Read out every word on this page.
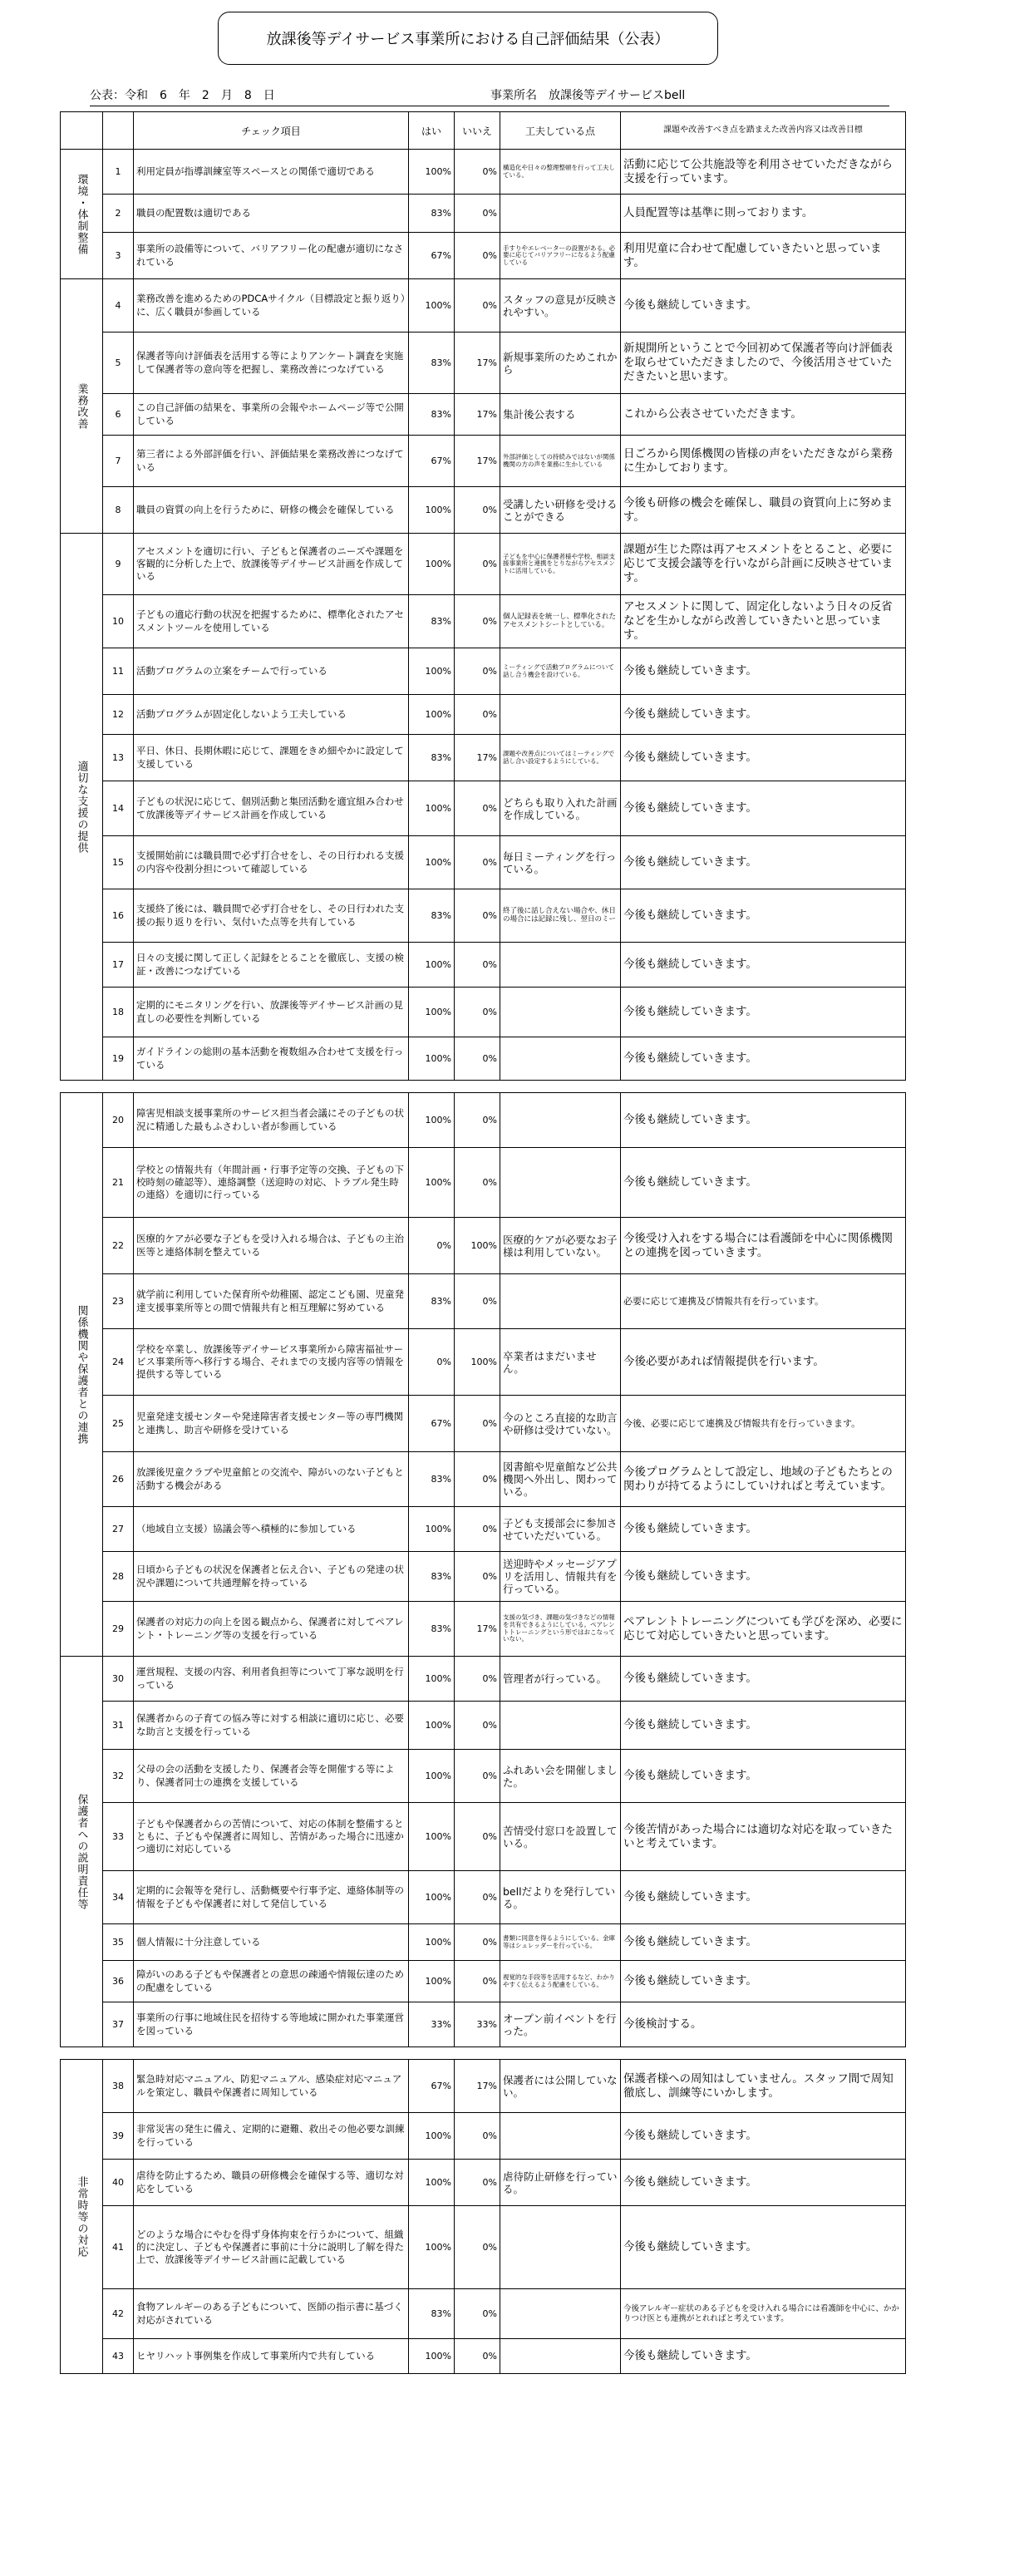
放課後等デイサービス事業所における自己評価結果（公表）
公表：令和　6　年　2　月　8　日	事業所名　放課後等デイサービスbell
		チェック項目	はい	いいえ	工夫している点	課題や改善すべき点を踏まえた改善内容又は改善目標

環境・体制整備	1	利用定員が指導訓練室等スペースとの関係で適切である	100%	0%	構造化や日々の整理整頓を行って工夫している。	活動に応じて公共施設等を利用させていただきながら支援を行っています。
	2	職員の配置数は適切である	83%	0%		人員配置等は基準に則っております。
	3	事業所の設備等について、バリアフリー化の配慮が適切になされている	67%	0%	手すりやエレベーターの設置がある。必要に応じてバリアフリーになるよう配慮している	利用児童に合わせて配慮していきたいと思っています。

業務改善	4	業務改善を進めるためのPDCAサイクル（目標設定と振り返り）に、広く職員が参画している	100%	0%	スタッフの意見が反映されやすい。	今後も継続していきます。
	5	保護者等向け評価表を活用する等によりアンケート調査を実施して保護者等の意向等を把握し、業務改善につなげている	83%	17%	新規事業所のためこれから	新規開所ということで今回初めて保護者等向け評価表を取らせていただきましたので、今後活用させていただきたいと思います。
	6	この自己評価の結果を、事業所の会報やホームページ等で公開している	83%	17%	集計後公表する	これから公表させていただきます。
	7	第三者による外部評価を行い、評価結果を業務改善につなげている	67%	17%	外部評価としての持続みではないが関係機関の方の声を業務に生かしている	日ごろから関係機関の皆様の声をいただきながら業務に生かしております。
	8	職員の資質の向上を行うために、研修の機会を確保している	100%	0%	受講したい研修を受けることができる	今後も研修の機会を確保し、職員の資質向上に努めます。

適切な支援の提供	9	アセスメントを適切に行い、子どもと保護者のニーズや課題を客観的に分析した上で、放課後等デイサービス計画を作成している	100%	0%	子どもを中心に保護者様や学校、相談支援事業所と連携をとりながらアセスメントに活用している。	課題が生じた際は再アセスメントをとること、必要に応じて支援会議等を行いながら計画に反映させています。
	10	子どもの適応行動の状況を把握するために、標準化されたアセスメントツールを使用している	83%	0%	個人記録表を統一し、標準化されたアセスメントシートとしている。	アセスメントに関して、固定化しないよう日々の反省などを生かしながら改善していきたいと思っています。
	11	活動プログラムの立案をチームで行っている	100%	0%	ミーティングで活動プログラムについて話し合う機会を設けている。	今後も継続していきます。
	12	活動プログラムが固定化しないよう工夫している	100%	0%		今後も継続していきます。
	13	平日、休日、長期休暇に応じて、課題をきめ細やかに設定して支援している	83%	17%	課題や改善点についてはミーティングで話し合い設定するようにしている。	今後も継続していきます。
	14	子どもの状況に応じて、個別活動と集団活動を適宜組み合わせて放課後等デイサービス計画を作成している	100%	0%	どちらも取り入れた計画を作成している。	今後も継続していきます。
	15	支援開始前には職員間で必ず打合せをし、その日行われる支援の内容や役割分担について確認している	100%	0%	毎日ミーティングを行っている。	今後も継続していきます。
	16	支援終了後には、職員間で必ず打合せをし、その日行われた支援の振り返りを行い、気付いた点等を共有している	83%	0%	終了後に話し合えない場合や、休日の場合には記録に残し、翌日のミー	今後も継続していきます。
	17	日々の支援に関して正しく記録をとることを徹底し、支援の検証・改善につなげている	100%	0%		今後も継続していきます。
	18	定期的にモニタリングを行い、放課後等デイサービス計画の見直しの必要性を判断している	100%	0%		今後も継続していきます。
	19	ガイドラインの総則の基本活動を複数組み合わせて支援を行っている	100%	0%		今後も継続していきます。

関係機関や保護者との連携	20	障害児相談支援事業所のサービス担当者会議にその子どもの状況に精通した最もふさわしい者が参画している	100%	0%		今後も継続していきます。
	21	学校との情報共有（年間計画・行事予定等の交換、子どもの下校時刻の確認等）、連絡調整（送迎時の対応、トラブル発生時の連絡）を適切に行っている	100%	0%		今後も継続していきます。
	22	医療的ケアが必要な子どもを受け入れる場合は、子どもの主治医等と連絡体制を整えている	0%	100%	医療的ケアが必要なお子様は利用していない。	今後受け入れをする場合には看護師を中心に関係機関との連携を図っていきます。
	23	就学前に利用していた保育所や幼稚園、認定こども園、児童発達支援事業所等との間で情報共有と相互理解に努めている	83%	0%		必要に応じて連携及び情報共有を行っています。
	24	学校を卒業し、放課後等デイサービス事業所から障害福祉サービス事業所等へ移行する場合、それまでの支援内容等の情報を提供する等している	0%	100%	卒業者はまだいません。	今後必要があれば情報提供を行います。
	25	児童発達支援センターや発達障害者支援センター等の専門機関と連携し、助言や研修を受けている	67%	0%	今のところ直接的な助言や研修は受けていない。	今後、必要に応じて連携及び情報共有を行っていきます。
	26	放課後児童クラブや児童館との交流や、障がいのない子どもと活動する機会がある	83%	0%	図書館や児童館など公共機関へ外出し、関わっている。	今後プログラムとして設定し、地域の子どもたちとの関わりが持てるようにしていければと考えています。
	27	（地域自立支援）協議会等へ積極的に参加している	100%	0%	子ども支援部会に参加させていただいている。	今後も継続していきます。
	28	日頃から子どもの状況を保護者と伝え合い、子どもの発達の状況や課題について共通理解を持っている	83%	0%	送迎時やメッセージアプリを活用し、情報共有を行っている。	今後も継続していきます。
	29	保護者の対応力の向上を図る観点から、保護者に対してペアレント・トレーニング等の支援を行っている	83%	17%	支援の気づき、課題の気づきなどの情報を共有できるようにしている。ペアレントトレーニングという形ではおこなっていない。	ペアレントトレーニングについても学びを深め、必要に応じて対応していきたいと思っています。

保護者への説明責任等	30	運営規程、支援の内容、利用者負担等について丁寧な説明を行っている	100%	0%	管理者が行っている。	今後も継続していきます。
	31	保護者からの子育ての悩み等に対する相談に適切に応じ、必要な助言と支援を行っている	100%	0%		今後も継続していきます。
	32	父母の会の活動を支援したり、保護者会等を開催する等により、保護者同士の連携を支援している	100%	0%	ふれあい会を開催しました。	今後も継続していきます。
	33	子どもや保護者からの苦情について、対応の体制を整備するとともに、子どもや保護者に周知し、苦情があった場合に迅速かつ適切に対応している	100%	0%	苦情受付窓口を設置している。	今後苦情があった場合には適切な対応を取っていきたいと考えています。
	34	定期的に会報等を発行し、活動概要や行事予定、連絡体制等の情報を子どもや保護者に対して発信している	100%	0%	bellだよりを発行している。	今後も継続していきます。
	35	個人情報に十分注意している	100%	0%	書類に同意を得るようにしている。金庫等はシュレッダーを行っている。	今後も継続していきます。
	36	障がいのある子どもや保護者との意思の疎通や情報伝達のための配慮をしている	100%	0%	視覚的な手段等を活用するなど、わかりやすく伝えるよう配慮をしている。	今後も継続していきます。
	37	事業所の行事に地域住民を招待する等地域に開かれた事業運営を図っている	33%	33%	オープン前イベントを行った。	今後検討する。

非常時等の対応	38	緊急時対応マニュアル、防犯マニュアル、感染症対応マニュアルを策定し、職員や保護者に周知している	67%	17%	保護者には公開していない。	保護者様への周知はしていません。スタッフ間で周知徹底し、訓練等にいかします。
	39	非常災害の発生に備え、定期的に避難、救出その他必要な訓練を行っている	100%	0%		今後も継続していきます。
	40	虐待を防止するため、職員の研修機会を確保する等、適切な対応をしている	100%	0%	虐待防止研修を行っている。	今後も継続していきます。
	41	どのような場合にやむを得ず身体拘束を行うかについて、組織的に決定し、子どもや保護者に事前に十分に説明し了解を得た上で、放課後等デイサービス計画に記載している	100%	0%		今後も継続していきます。
	42	食物アレルギーのある子どもについて、医師の指示書に基づく対応がされている	83%	0%		今後アレルギー症状のある子どもを受け入れる場合には看護師を中心に、かかりつけ医とも連携がとれればと考えています。
	43	ヒヤリハット事例集を作成して事業所内で共有している	100%	0%		今後も継続していきます。
